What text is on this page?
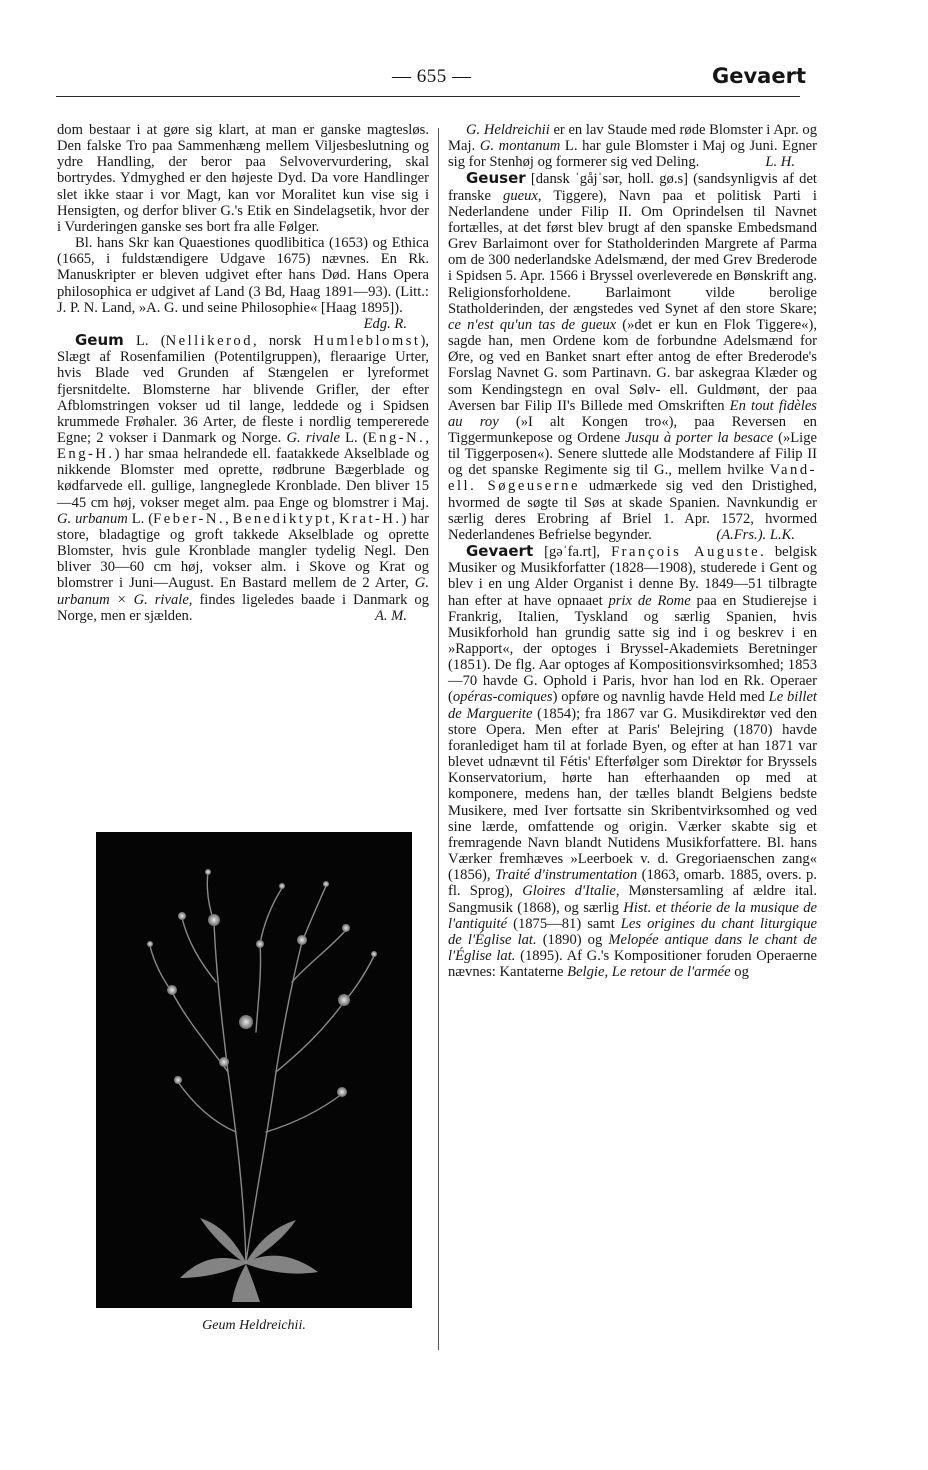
— 655 —	Gevaert

dom bestaar i at gøre sig klart, at man er ganske magtesløs. Den falske Tro paa Sammenhæng mellem Viljesbeslutning og ydre Handling, der beror paa Selvovervurdering, skal bortrydes. Ydmyghed er den højeste Dyd. Da vore Handlinger slet ikke staar i vor Magt, kan vor Moralitet kun vise sig i Hensigten, og derfor bliver G.'s Etik en Sindelagsetik, hvor der i Vurderingen ganske ses bort fra alle Følger.

Bl. hans Skr kan Quaestiones quodlibitica (1653) og Ethica (1665, i fuldstændigere Udgave 1675) nævnes. En Rk. Manuskripter er bleven udgivet efter hans Død. Hans Opera philosophica er udgivet af Land (3 Bd, Haag 1891—93). (Litt.: J. P. N. Land, »A. G. und seine Philosophie« [Haag 1895]).
Edg. R.

Geum L. (Nellikerod, norsk Humleblomst), Slægt af Rosenfamilien (Potentilgruppen), fleraarige Urter, hvis Blade ved Grunden af Stængelen er lyreformet fjersnitdelte. Blomsterne har blivende Grifler, der efter Afblomstringen vokser ud til lange, leddede og i Spidsen krummede Frøhaler. 36 Arter, de fleste i nordlig tempererede Egne; 2 vokser i Danmark og Norge. G. rivale L. (Eng-N., Eng-H.) har smaa helrandede ell. faatakkede Akselblade og nikkende Blomster med oprette, rødbrune Bægerblade og kødfarvede ell. gullige, langneglede Kronblade. Den bliver 15—45 cm høj, vokser meget alm. paa Enge og blomstrer i Maj. G. urbanum L. (Feber-N., Benediktурt, Krat-H.) har store, bladagtige og groft takkede Akselblade og oprette Blomster, hvis gule Kronblade mangler tydelig Negl. Den bliver 30—60 cm høj, vokser alm. i Skove og Krat og blomstrer i Juni—August. En Bastard mellem de 2 Arter, G. urbanum × G. rivale, findes ligeledes baade i Danmark og Norge, men er sjælden.	A. M.

Geum Heldreichii.

G. Heldreichii er en lav Staude med røde Blomster i Apr. og Maj. G. montanum L. har gule Blomster i Maj og Juni. Egner sig for Stenhøj og formerer sig ved Deling.	L. H.

Geuser [dansk ˈgåjˈsər, holl. gø.s] (sandsynligvis af det franske gueux, Tiggere), Navn paa et politisk Parti i Nederlandene under Filip II. Om Oprindelsen til Navnet fortælles, at det først blev brugt af den spanske Embedsmand Grev Barlaimont over for Statholderinden Margrete af Parma om de 300 nederlandske Adelsmænd, der med Grev Brederode i Spidsen 5. Apr. 1566 i Bryssel overleverede en Bønskrift ang. Religionsforholdene. Barlaimont vilde berolige Statholderinden, der ængstedes ved Synet af den store Skare; ce n'est qu'un tas de gueux (»det er kun en Flok Tiggere«), sagde han, men Ordene kom de forbundne Adelsmænd for Øre, og ved en Banket snart efter antog de efter Brederode's Forslag Navnet G. som Partinavn. G. bar askegraa Klæder og som Kendingstegn en oval Sølv- ell. Guldmønt, der paa Aversen bar Filip II's Billede med Omskriften En tout fidèles au roy (»I alt Kongen tro«), paa Reversen en Tiggermunkepose og Ordene Jusqu à porter la besace (»Lige til Tiggerposen«). Senere sluttede alle Modstandere af Filip II og det spanske Regimente sig til G., mellem hvilke Vand-ell. Søgeuserne udmærkede sig ved den Dristighed, hvormed de søgte til Søs at skade Spanien. Navnkundig er særlig deres Erobring af Briel 1. Apr. 1572, hvormed Nederlandenes Befrielse begynder.	(A.Frs.). L.K.

Gevaert [gəˈfa.rt], François Auguste. belgisk Musiker og Musikforfatter (1828—1908), studerede i Gent og blev i en ung Alder Organist i denne By. 1849—51 tilbragte han efter at have opnaaet prix de Rome paa en Studierejse i Frankrig, Italien, Tyskland og særlig Spanien, hvis Musikforhold han grundig satte sig ind i og beskrev i en »Rapport«, der optoges i Bryssel-Akademiets Beretninger (1851). De flg. Aar optoges af Kompositionsvirksomhed; 1853—70 havde G. Ophold i Paris, hvor han lod en Rk. Operaer (opéras-comiques) opføre og navnlig havde Held med Le billet de Marguerite (1854); fra 1867 var G. Musikdirektør ved den store Opera. Men efter at Paris' Belejring (1870) havde foranlediget ham til at forlade Byen, og efter at han 1871 var blevet udnævnt til Fétis' Efterfølger som Direktør for Bryssels Konservatorium, hørte han efterhaanden op med at komponere, medens han, der tælles blandt Belgiens bedste Musikere, med Iver fortsatte sin Skribentvirksomhed og ved sine lærde, omfattende og origin. Værker skabte sig et fremragende Navn blandt Nutidens Musikforfattere. Bl. hans Værker fremhæves »Leerboek v. d. Gregoriaenschen zang« (1856), Traité d'instrumentation (1863, omarb. 1885, overs. p. fl. Sprog), Gloires d'Italie, Mønstersamling af ældre ital. Sangmusik (1868), og særlig Hist. et théorie de la musique de l'antiquité (1875—81) samt Les origines du chant liturgique de l'Église lat. (1890) og Melopée antique dans le chant de l'Église lat. (1895). Af G.'s Kompositioner foruden Operaerne nævnes: Kantaterne Belgie, Le retour de l'armée og
